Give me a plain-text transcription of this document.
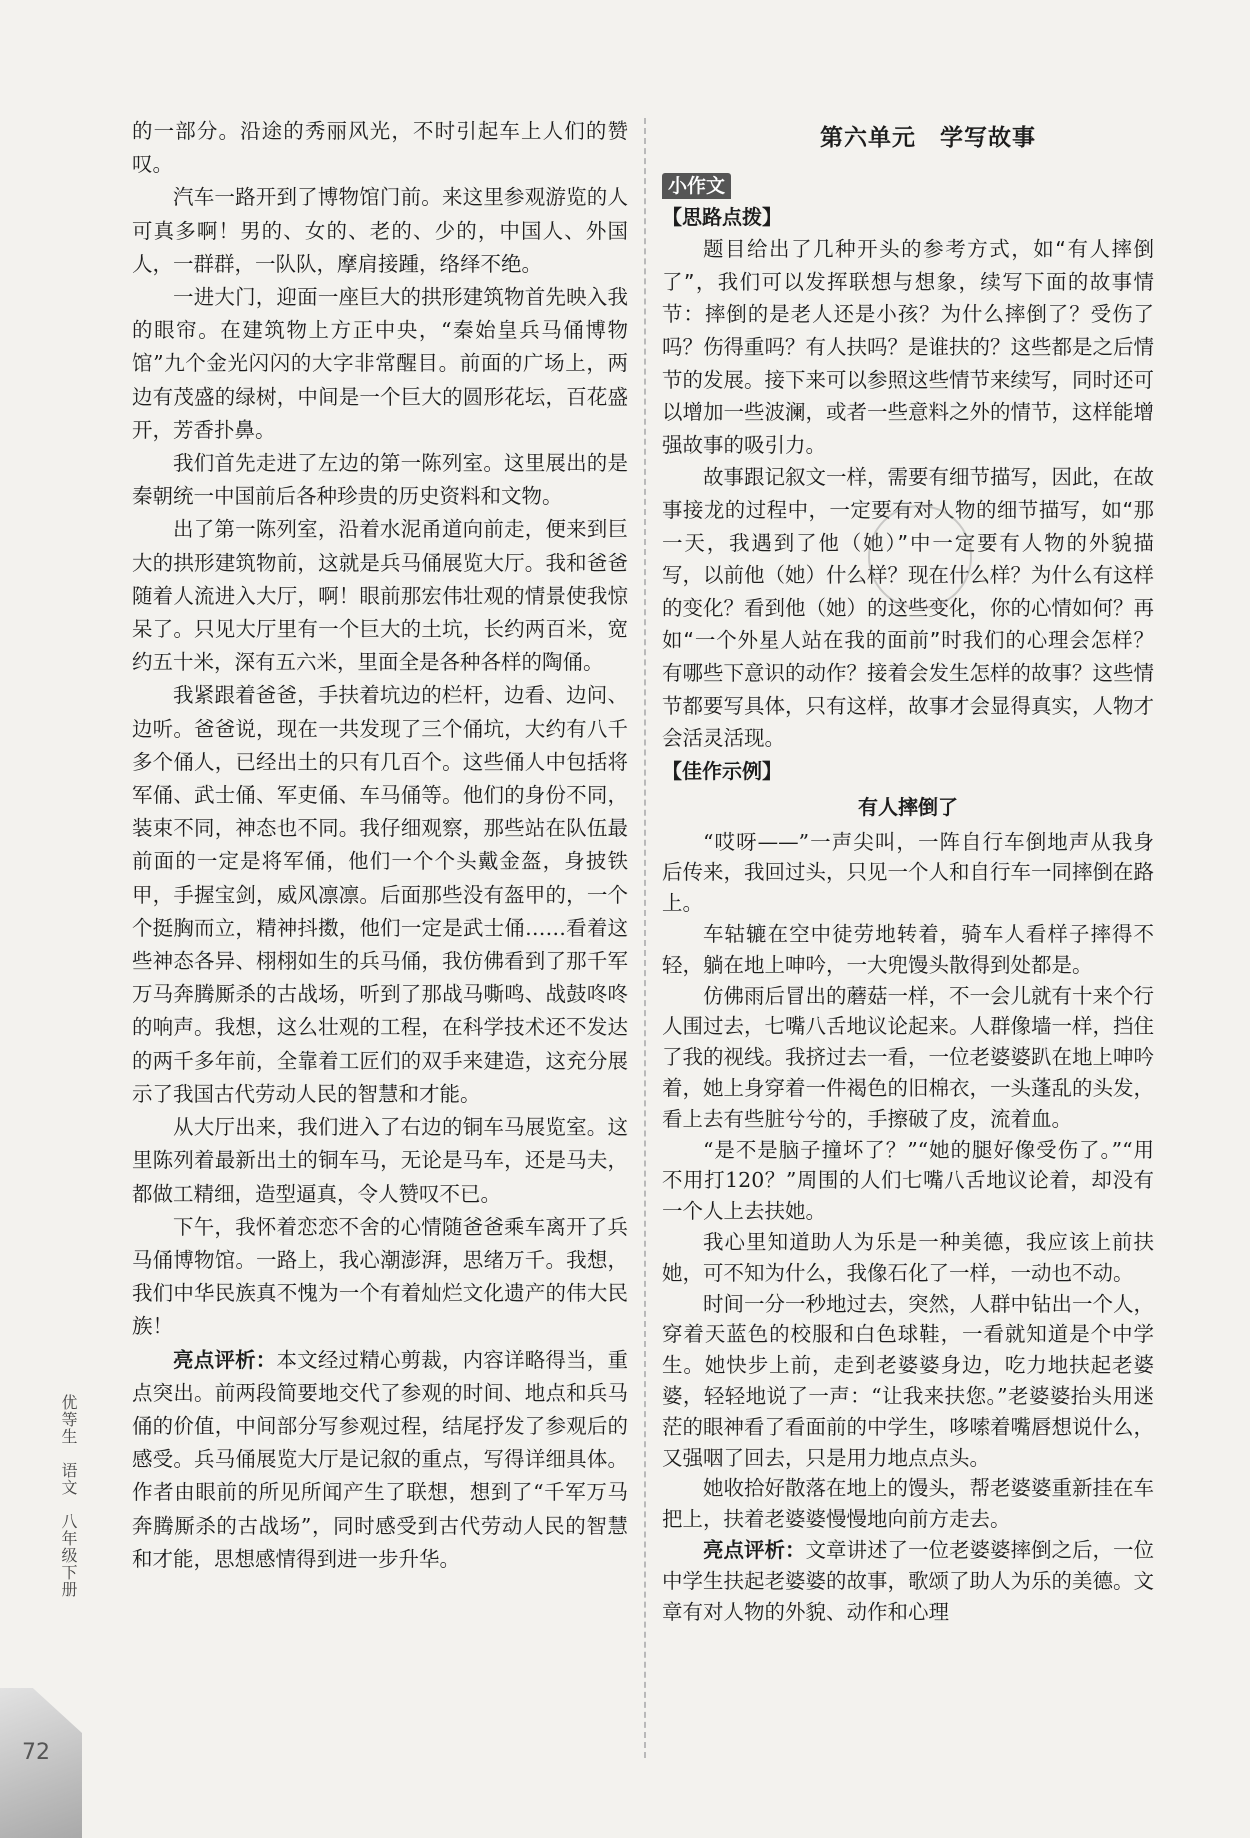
的一部分。沿途的秀丽风光，不时引起车上人们的赞叹。

汽车一路开到了博物馆门前。来这里参观游览的人可真多啊！男的、女的、老的、少的，中国人、外国人，一群群，一队队，摩肩接踵，络绎不绝。

一进大门，迎面一座巨大的拱形建筑物首先映入我的眼帘。在建筑物上方正中央，“秦始皇兵马俑博物馆”九个金光闪闪的大字非常醒目。前面的广场上，两边有茂盛的绿树，中间是一个巨大的圆形花坛，百花盛开，芳香扑鼻。

我们首先走进了左边的第一陈列室。这里展出的是秦朝统一中国前后各种珍贵的历史资料和文物。

出了第一陈列室，沿着水泥甬道向前走，便来到巨大的拱形建筑物前，这就是兵马俑展览大厅。我和爸爸随着人流进入大厅，啊！眼前那宏伟壮观的情景使我惊呆了。只见大厅里有一个巨大的土坑，长约两百米，宽约五十米，深有五六米，里面全是各种各样的陶俑。

我紧跟着爸爸，手扶着坑边的栏杆，边看、边问、边听。爸爸说，现在一共发现了三个俑坑，大约有八千多个俑人，已经出土的只有几百个。这些俑人中包括将军俑、武士俑、军吏俑、车马俑等。他们的身份不同，装束不同，神态也不同。我仔细观察，那些站在队伍最前面的一定是将军俑，他们一个个头戴金盔，身披铁甲，手握宝剑，威风凛凛。后面那些没有盔甲的，一个个挺胸而立，精神抖擞，他们一定是武士俑……看着这些神态各异、栩栩如生的兵马俑，我仿佛看到了那千军万马奔腾厮杀的古战场，听到了那战马嘶鸣、战鼓咚咚的响声。我想，这么壮观的工程，在科学技术还不发达的两千多年前，全靠着工匠们的双手来建造，这充分展示了我国古代劳动人民的智慧和才能。

从大厅出来，我们进入了右边的铜车马展览室。这里陈列着最新出土的铜车马，无论是马车，还是马夫，都做工精细，造型逼真，令人赞叹不已。

下午，我怀着恋恋不舍的心情随爸爸乘车离开了兵马俑博物馆。一路上，我心潮澎湃，思绪万千。我想，我们中华民族真不愧为一个有着灿烂文化遗产的伟大民族！

亮点评析：本文经过精心剪裁，内容详略得当，重点突出。前两段简要地交代了参观的时间、地点和兵马俑的价值，中间部分写参观过程，结尾抒发了参观后的感受。兵马俑展览大厅是记叙的重点，写得详细具体。作者由眼前的所见所闻产生了联想，想到了“千军万马奔腾厮杀的古战场”，同时感受到古代劳动人民的智慧和才能，思想感情得到进一步升华。

第六单元　学写故事
小作文
【思路点拨】

题目给出了几种开头的参考方式，如“有人摔倒了”，我们可以发挥联想与想象，续写下面的故事情节：摔倒的是老人还是小孩？为什么摔倒了？受伤了吗？伤得重吗？有人扶吗？是谁扶的？这些都是之后情节的发展。接下来可以参照这些情节来续写，同时还可以增加一些波澜，或者一些意料之外的情节，这样能增强故事的吸引力。

故事跟记叙文一样，需要有细节描写，因此，在故事接龙的过程中，一定要有对人物的细节描写，如“那一天，我遇到了他（她）”中一定要有人物的外貌描写，以前他（她）什么样？现在什么样？为什么有这样的变化？看到他（她）的这些变化，你的心情如何？再如“一个外星人站在我的面前”时我们的心理会怎样？有哪些下意识的动作？接着会发生怎样的故事？这些情节都要写具体，只有这样，故事才会显得真实，人物才会活灵活现。

【佳作示例】
有人摔倒了

“哎呀——”一声尖叫，一阵自行车倒地声从我身后传来，我回过头，只见一个人和自行车一同摔倒在路上。

车轱辘在空中徒劳地转着，骑车人看样子摔得不轻，躺在地上呻吟，一大兜馒头散得到处都是。

仿佛雨后冒出的蘑菇一样，不一会儿就有十来个行人围过去，七嘴八舌地议论起来。人群像墙一样，挡住了我的视线。我挤过去一看，一位老婆婆趴在地上呻吟着，她上身穿着一件褐色的旧棉衣，一头蓬乱的头发，看上去有些脏兮兮的，手擦破了皮，流着血。

“是不是脑子撞坏了？”“她的腿好像受伤了。”“用不用打120？”周围的人们七嘴八舌地议论着，却没有一个人上去扶她。

我心里知道助人为乐是一种美德，我应该上前扶她，可不知为什么，我像石化了一样，一动也不动。

时间一分一秒地过去，突然，人群中钻出一个人，穿着天蓝色的校服和白色球鞋，一看就知道是个中学生。她快步上前，走到老婆婆身边，吃力地扶起老婆婆，轻轻地说了一声：“让我来扶您。”老婆婆抬头用迷茫的眼神看了看面前的中学生，哆嗦着嘴唇想说什么，又强咽了回去，只是用力地点点头。

她收拾好散落在地上的馒头，帮老婆婆重新挂在车把上，扶着老婆婆慢慢地向前方走去。

亮点评析：文章讲述了一位老婆婆摔倒之后，一位中学生扶起老婆婆的故事，歌颂了助人为乐的美德。文章有对人物的外貌、动作和心理

优等生　语文　八年级下册
72
